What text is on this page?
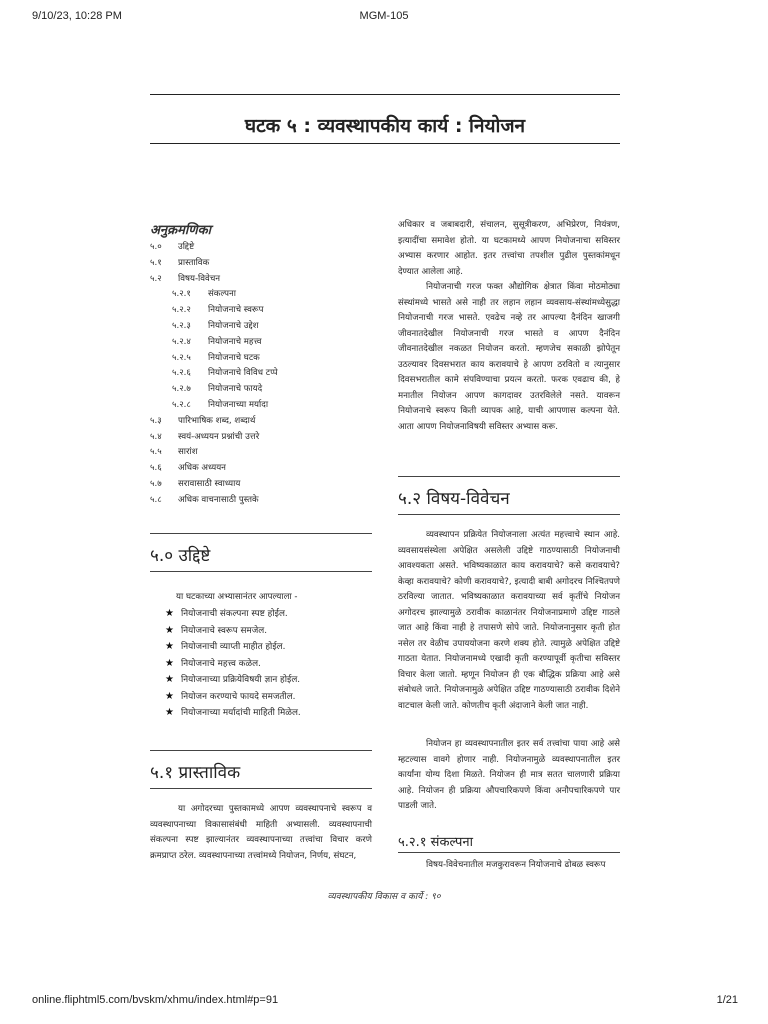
9/10/23, 10:28 PM	MGM-105
घटक ५ : व्यवस्थापकीय कार्य : नियोजन
अनुक्रमणिका
५.०	उद्दिष्टे
५.१	प्रास्ताविक
५.२	विषय-विवेचन
५.२.१	संकल्पना
५.२.२	नियोजनाचे स्वरूप
५.२.३	नियोजनाचे उद्देश
५.२.४	नियोजनाचे महत्त्व
५.२.५	नियोजनाचे घटक
५.२.६	नियोजनाचे विविध टप्पे
५.२.७	नियोजनाचे फायदे
५.२.८	नियोजनाच्या मर्यादा
५.३	पारिभाषिक शब्द, शब्दार्थ
५.४	स्वयं-अध्ययन प्रश्नांची उत्तरे
५.५	सारांश
५.६	अधिक अध्ययन
५.७	सरावासाठी स्वाध्याय
५.८	अधिक वाचनासाठी पुस्तके
५.० उद्दिष्टे
या घटकाच्या अभ्यासानंतर आपल्याला -
★ नियोजनाची संकल्पना स्पष्ट होईल.
★ नियोजनाचे स्वरूप समजेल.
★ नियोजनाची व्याप्ती माहीत होईल.
★ नियोजनाचे महत्त्व कळेल.
★ नियोजनाच्या प्रक्रियेविषयी ज्ञान होईल.
★ नियोजन करण्याचे फायदे समजतील.
★ नियोजनाच्या मर्यादांची माहिती मिळेल.
५.१ प्रास्ताविक
या अगोदरच्या पुस्तकामध्ये आपण व्यवस्थापनाचे स्वरूप व व्यवस्थापनाच्या विकासासंबंधी माहिती अभ्यासली. व्यवस्थापनाची संकल्पना स्पष्ट झाल्यानंतर व्यवस्थापनाच्या तत्त्वांचा विचार करणे क्रमप्राप्त ठरेल. व्यवस्थापनाच्या तत्त्वांमध्ये नियोजन, निर्णय, संघटन,
अधिकार व जबाबदारी, संचालन, सुसूत्रीकरण, अभिप्रेरण, नियंत्रण, इत्यादींचा समावेश होतो. या घटकामध्ये आपण नियोजनाचा सविस्तर अभ्यास करणार आहोत. इतर तत्त्वांचा तपशील पुढील पुस्तकांमधून देण्यात आलेला आहे.
नियोजनाची गरज फक्त औद्योगिक क्षेत्रात किंवा मोठमोठ्या संस्थांमध्ये भासते असे नाही तर लहान लहान व्यवसाय-संस्थांमध्येसुद्धा नियोजनाची गरज भासते. एवढेच नव्हे तर आपल्या दैनंदिन खाजगी जीवनातदेखील नियोजनाची गरज भासते व आपण दैनंदिन जीवनातदेखील नकळत नियोजन करतो. म्हणजेच सकाळी झोपेतून उठल्यावर दिवसभरात काय करावयाचे हे आपण ठरवितो व त्यानुसार दिवसभरातील कामे संपविण्याचा प्रयत्न करतो. फरक एवढाच की, हे मनातील नियोजन आपण कागदावर उतरविलेले नसते. यावरून नियोजनाचे स्वरूप किती व्यापक आहे, याची आपणास कल्पना येते. आता आपण नियोजनाविषयी सविस्तर अभ्यास करू.
५.२ विषय-विवेचन
व्यवस्थापन प्रक्रियेत नियोजनाला अत्यंत महत्त्वाचे स्थान आहे. व्यवसायसंस्थेला अपेक्षित असलेली उद्दिष्टे गाठण्यासाठी नियोजनाची आवश्यकता असते. भविष्यकाळात काय करावयाचे? कसे करावयाचे? केव्हा करावयाचे? कोणी करावयाचे?, इत्यादी बाबी अगोदरच निश्चितपणे ठरविल्या जातात. भविष्यकाळात करावयाच्या सर्व कृतींचे नियोजन अगोदरच झाल्यामुळे ठरावीक काळानंतर नियोजनाप्रमाणे उद्दिष्ट गाठले जात आहे किंवा नाही हे तपासणे सोपे जाते. नियोजनानुसार कृती होत नसेल तर वेळीच उपाययोजना करणे शक्य होते. त्यामुळे अपेक्षित उद्दिष्टे गाठता येतात. नियोजनामध्ये एखादी कृती करण्यापूर्वी कृतीचा सविस्तर विचार केला जातो. म्हणून नियोजन ही एक बौद्धिक प्रक्रिया आहे असे संबोधले जाते. नियोजनामुळे अपेक्षित उद्दिष्ट गाठण्यासाठी ठरावीक दिशेने वाटचाल केली जाते. कोणतीच कृती अंदाजाने केली जात नाही.
नियोजन हा व्यवस्थापनातील इतर सर्व तत्त्वांचा पाया आहे असे म्हटल्यास वावगे होणार नाही. नियोजनामुळे व्यवस्थापनातील इतर कार्यांना योग्य दिशा मिळते. नियोजन ही मात्र सतत चालणारी प्रक्रिया आहे. नियोजन ही प्रक्रिया औपचारिकपणे किंवा अनौपचारिकपणे पार पाडली जाते.
५.२.१ संकल्पना
विषय-विवेचनातील मजकुरावरून नियोजनाचे ढोबळ स्वरूप
व्यवस्थापकीय विकास व कार्ये : ९०
online.fliphtml5.com/bvskm/xhmu/index.html#p=91	1/21
